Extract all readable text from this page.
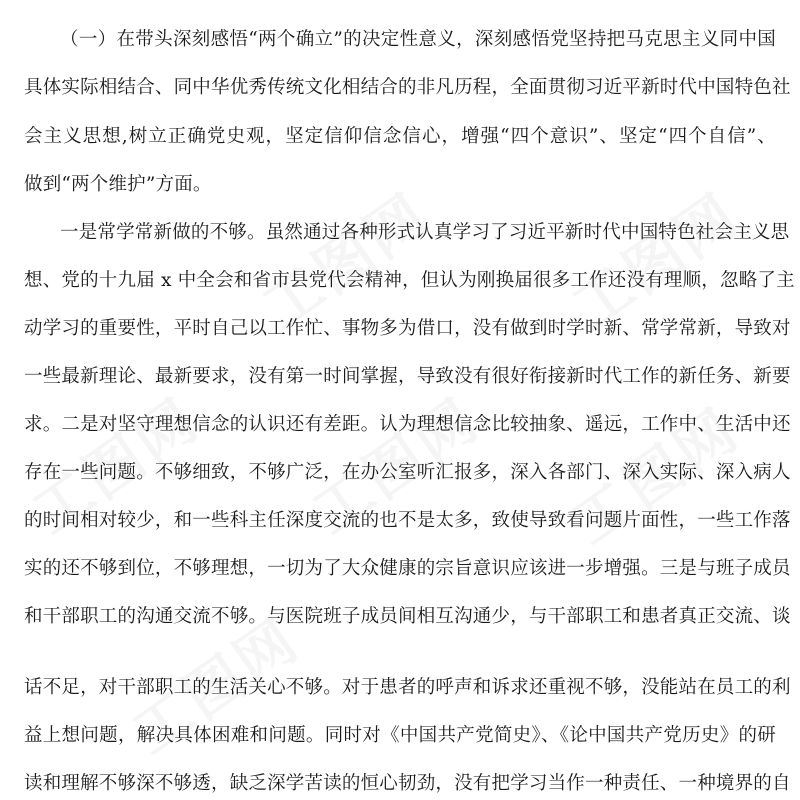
工图网 工图网
工图网 工图网 工图网
工图网
（一）在带头深刻感悟“两个确立”的决定性意义，深刻感悟党坚持把马克思主义同中国
具体实际相结合、同中华优秀传统文化相结合的非凡历程，全面贯彻习近平新时代中国特色社
会主义思想,树立正确党史观，坚定信仰信念信心，增强“四个意识”、坚定“四个自信”、
做到“两个维护”方面。
一是常学常新做的不够。虽然通过各种形式认真学习了习近平新时代中国特色社会主义思
想、党的十九届 x 中全会和省市县党代会精神，但认为刚换届很多工作还没有理顺，忽略了主
动学习的重要性，平时自己以工作忙、事物多为借口，没有做到时学时新、常学常新，导致对
一些最新理论、最新要求，没有第一时间掌握，导致没有很好衔接新时代工作的新任务、新要
求。二是对坚守理想信念的认识还有差距。认为理想信念比较抽象、遥远，工作中、生活中还
存在一些问题。不够细致，不够广泛，在办公室听汇报多，深入各部门、深入实际、深入病人
的时间相对较少，和一些科主任深度交流的也不是太多，致使导致看问题片面性，一些工作落
实的还不够到位，不够理想，一切为了大众健康的宗旨意识应该进一步增强。三是与班子成员
和干部职工的沟通交流不够。与医院班子成员间相互沟通少，与干部职工和患者真正交流、谈
话不足，对干部职工的生活关心不够。对于患者的呼声和诉求还重视不够，没能站在员工的利
益上想问题，解决具体困难和问题。同时对《中国共产党简史》、《论中国共产党历史》的研
读和理解不够深不够透，缺乏深学苦读的恒心韧劲，没有把学习当作一种责任、一种境界的自
